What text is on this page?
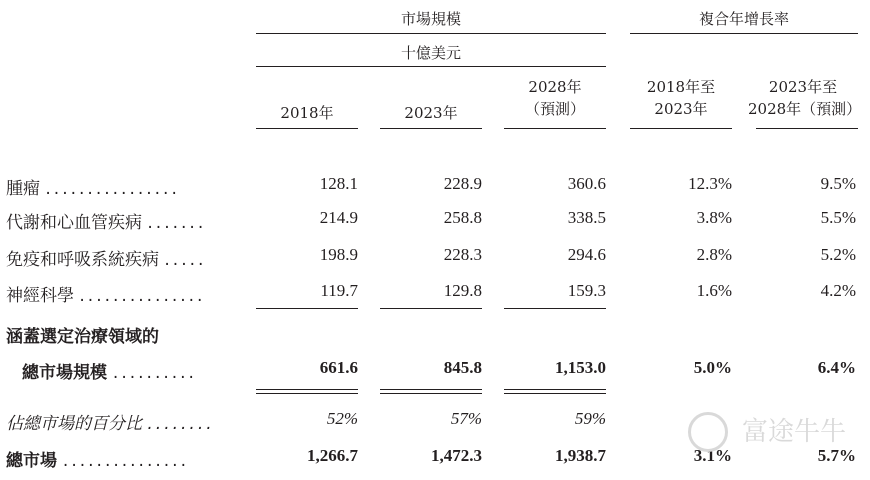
市場規模
十億美元
複合年增長率
2018年	2023年
2028年
（預測）
2018年至
2023年
2023年至
2028年（預測）
腫瘤 ................	128.1	228.9	360.6	12.3%	9.5%
代謝和心血管疾病 .......	214.9	258.8	338.5	3.8%	5.5%
免疫和呼吸系統疾病 .....	198.9	228.3	294.6	2.8%	5.2%
神經科學 ...............	119.7	129.8	159.3	1.6%	4.2%
涵蓋選定治療領域的
總市場規模 ..........	661.6	845.8	1,153.0	5.0%	6.4%
佔總市場的百分比 ........	52%	57%	59%
總市場 ...............	1,266.7	1,472.3	1,938.7	3.1%	5.7%
富途牛牛
